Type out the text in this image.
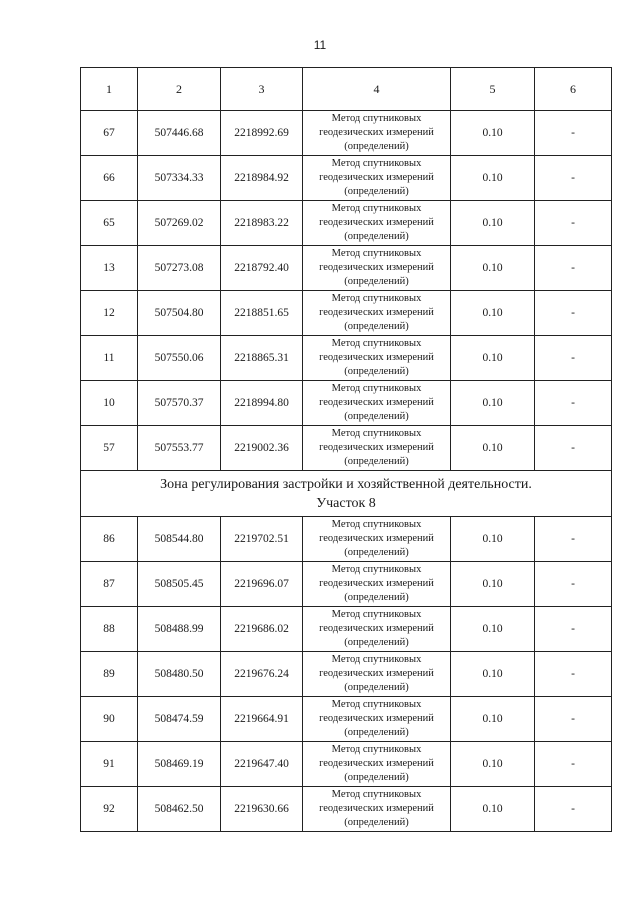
11
1	2	3	4	5	6
67	507446.68	2218992.69	Метод спутниковых
геодезических измерений
(определений)	0.10	-
66	507334.33	2218984.92	Метод спутниковых
геодезических измерений
(определений)	0.10	-
65	507269.02	2218983.22	Метод спутниковых
геодезических измерений
(определений)	0.10	-
13	507273.08	2218792.40	Метод спутниковых
геодезических измерений
(определений)	0.10	-
12	507504.80	2218851.65	Метод спутниковых
геодезических измерений
(определений)	0.10	-
11	507550.06	2218865.31	Метод спутниковых
геодезических измерений
(определений)	0.10	-
10	507570.37	2218994.80	Метод спутниковых
геодезических измерений
(определений)	0.10	-
57	507553.77	2219002.36	Метод спутниковых
геодезических измерений
(определений)	0.10	-

Зона регулирования застройки и хозяйственной деятельности.
Участок 8					

86	508544.80	2219702.51	Метод спутниковых
геодезических измерений
(определений)	0.10	-
87	508505.45	2219696.07	Метод спутниковых
геодезических измерений
(определений)	0.10	-
88	508488.99	2219686.02	Метод спутниковых
геодезических измерений
(определений)	0.10	-
89	508480.50	2219676.24	Метод спутниковых
геодезических измерений
(определений)	0.10	-
90	508474.59	2219664.91	Метод спутниковых
геодезических измерений
(определений)	0.10	-
91	508469.19	2219647.40	Метод спутниковых
геодезических измерений
(определений)	0.10	-
92	508462.50	2219630.66	Метод спутниковых
геодезических измерений
(определений)	0.10	-
